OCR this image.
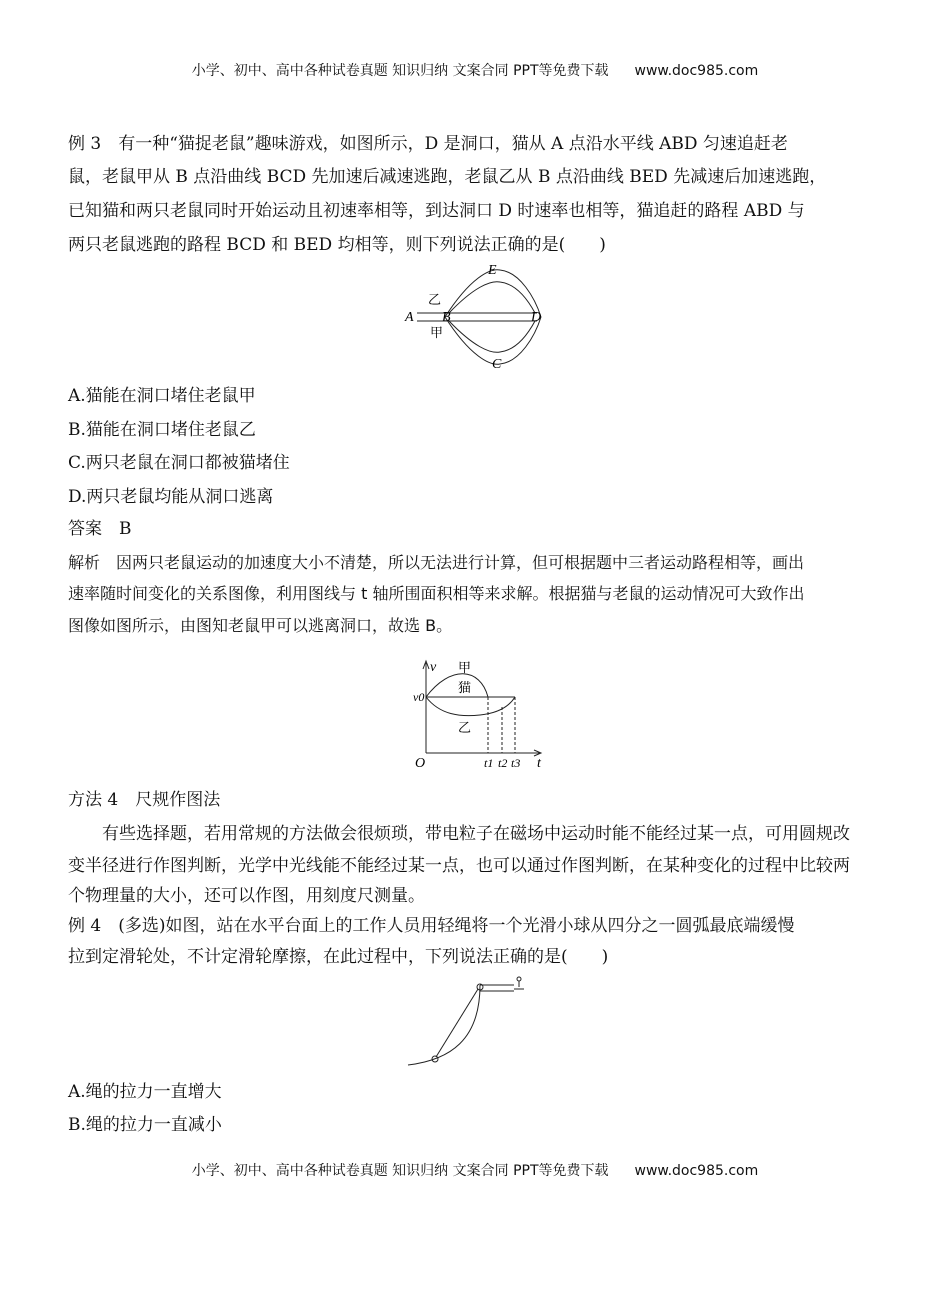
小学、初中、高中各种试卷真题 知识归纳 文案合同 PPT等免费下载 www.doc985.com
例 3　有一种“猫捉老鼠”趣味游戏，如图所示，D 是洞口，猫从 A 点沿水平线 ABD 匀速追赶老
鼠，老鼠甲从 B 点沿曲线 BCD 先加速后减速逃跑，老鼠乙从 B 点沿曲线 BED 先减速后加速逃跑，
已知猫和两只老鼠同时开始运动且初速率相等，到达洞口 D 时速率也相等，猫追赶的路程 ABD 与
两只老鼠逃跑的路程 BCD 和 BED 均相等，则下列说法正确的是(　　)
E
乙
A B	D
甲
C
A.猫能在洞口堵住老鼠甲
B.猫能在洞口堵住老鼠乙
C.两只老鼠在洞口都被猫堵住
D.两只老鼠均能从洞口逃离
答案　B
解析　因两只老鼠运动的加速度大小不清楚，所以无法进行计算，但可根据题中三者运动路程相等，画出
速率随时间变化的关系图像，利用图线与 t 轴所围面积相等来求解。根据猫与老鼠的运动情况可大致作出
图像如图所示，由图知老鼠甲可以逃离洞口，故选 B。
v 甲
猫
v0
乙
O	t1 t2 t3 t
方法 4　尺规作图法
有些选择题，若用常规的方法做会很烦琐，带电粒子在磁场中运动时能不能经过某一点，可用圆规改
变半径进行作图判断，光学中光线能不能经过某一点，也可以通过作图判断，在某种变化的过程中比较两
个物理量的大小，还可以作图，用刻度尺测量。
例 4　(多选)如图，站在水平台面上的工作人员用轻绳将一个光滑小球从四分之一圆弧最底端缓慢
拉到定滑轮处，不计定滑轮摩擦，在此过程中，下列说法正确的是(　　)
A.绳的拉力一直增大
B.绳的拉力一直减小
小学、初中、高中各种试卷真题 知识归纳 文案合同 PPT等免费下载 www.doc985.com
